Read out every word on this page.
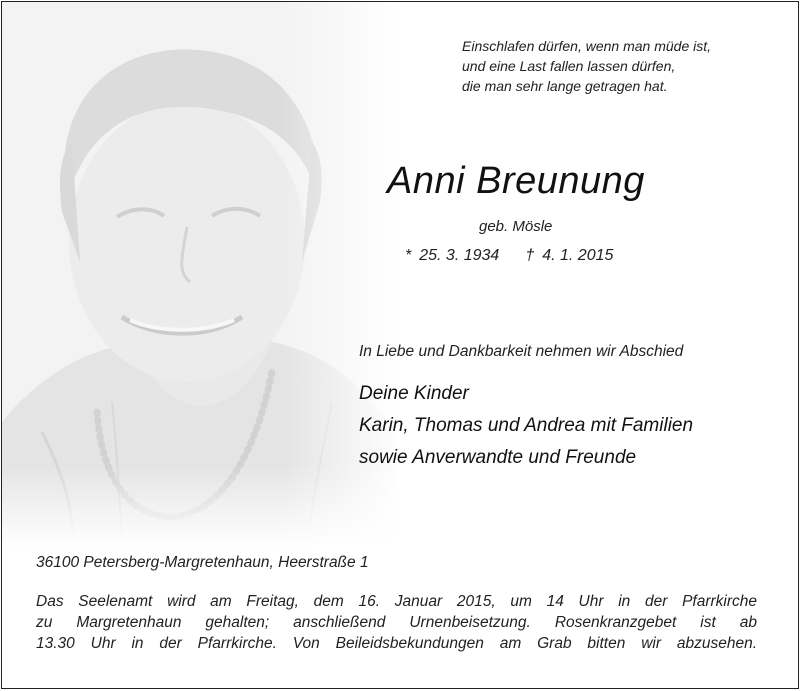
Einschlafen dürfen, wenn man müde ist,
und eine Last fallen lassen dürfen,
die man sehr lange getragen hat.
Anni Breunung
geb. Mösle
* 25. 3. 1934 † 4. 1. 2015
In Liebe und Dankbarkeit nehmen wir Abschied
Deine Kinder
Karin, Thomas und Andrea mit Familien
sowie Anverwandte und Freunde
36100 Petersberg-Margretenhaun, Heerstraße 1
Das Seelenamt wird am Freitag, dem 16. Januar 2015, um 14 Uhr in der Pfarrkirche
zu Margretenhaun gehalten; anschließend Urnenbeisetzung. Rosenkranzgebet ist ab
13.30 Uhr in der Pfarrkirche. Von Beileidsbekundungen am Grab bitten wir abzusehen.
